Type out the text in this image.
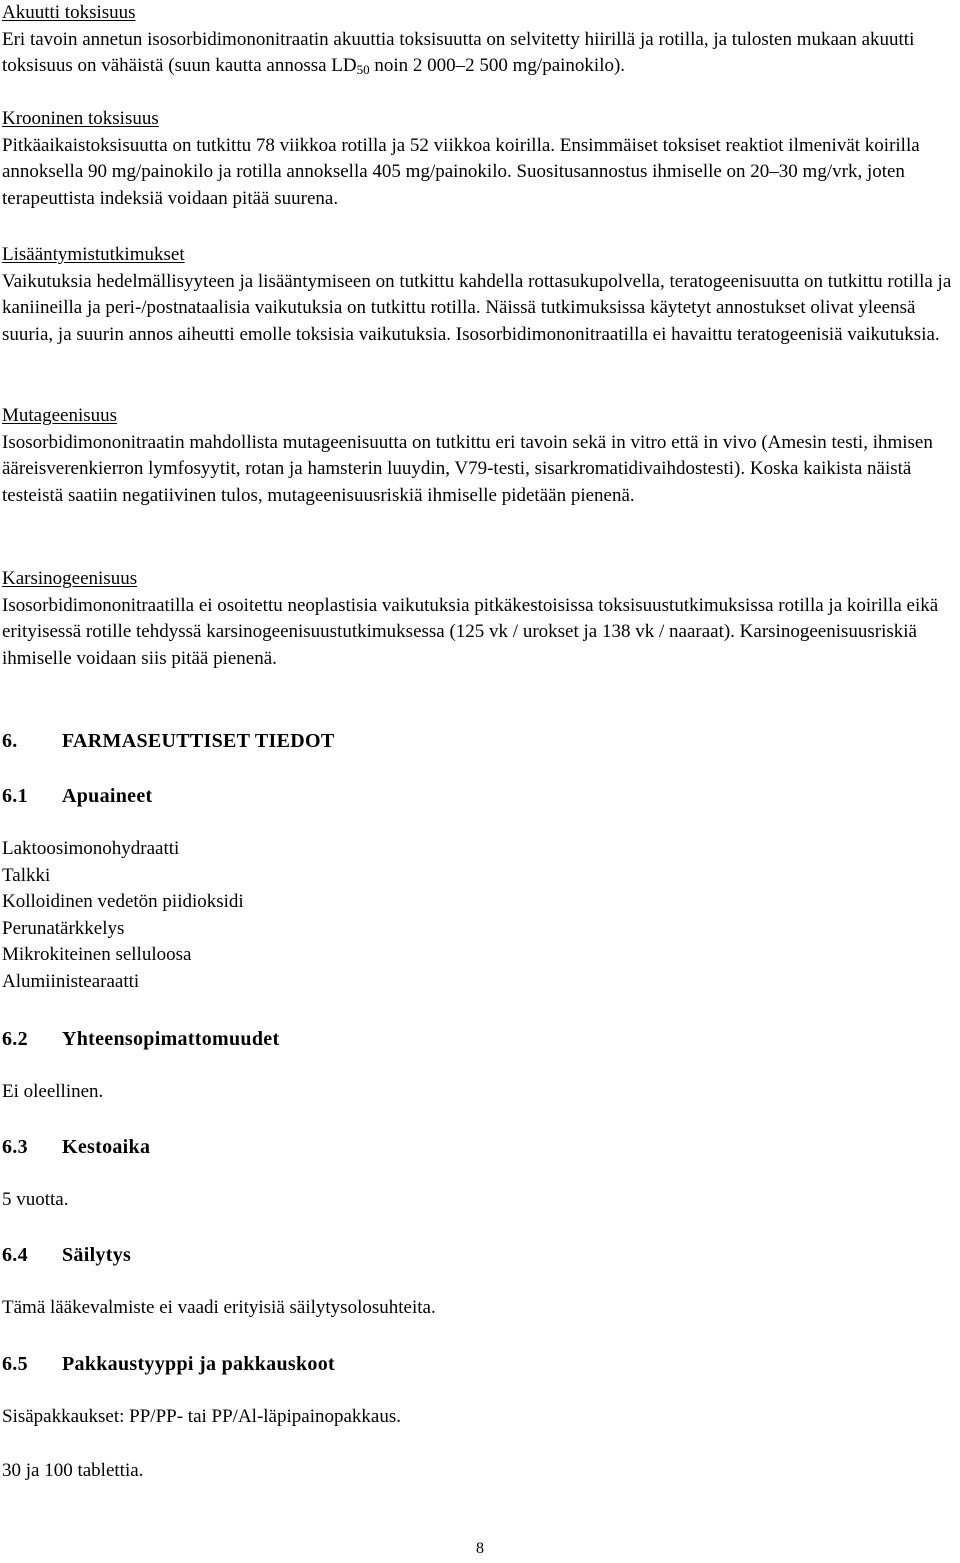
Akuutti toksisuus

Eri tavoin annetun isosorbidimononitraatin akuuttia toksisuutta on selvitetty hiirillä ja rotilla, ja tulosten mukaan akuutti toksisuus on vähäistä (suun kautta annossa $LD_{50}$ noin 2 000–2 500 mg/painokilo).

Krooninen toksisuus

Pitkäaikaistoksisuutta on tutkittu 78 viikkoa rotilla ja 52 viikkoa koirilla. Ensimmäiset toksiset reaktiot ilmenivät koirilla annoksella 90 mg/painokilo ja rotilla annoksella 405 mg/painokilo. Suositusannostus ihmiselle on 20–30 mg/vrk, joten terapeuttista indeksiä voidaan pitää suurena.

Lisääntymistutkimukset

Vaikutuksia hedelmällisyyteen ja lisääntymiseen on tutkittu kahdella rottasukupolvella, teratogeenisuutta on tutkittu rotilla ja kaniineilla ja peri-/postnataalisia vaikutuksia on tutkittu rotilla. Näissä tutkimuksissa käytetyt annostukset olivat yleensä suuria, ja suurin annos aiheutti emolle toksisia vaikutuksia. Isosorbidimononitraatilla ei havaittu teratogeenisiä vaikutuksia.

Mutageenisuus

Isosorbidimononitraatin mahdollista mutageenisuutta on tutkittu eri tavoin sekä in vitro että in vivo (Amesin testi, ihmisen ääreisverenkierron lymfosyytit, rotan ja hamsterin luuydin, V79-testi, sisarkromatidivaihdostesti). Koska kaikista näistä testeistä saatiin negatiivinen tulos, mutageenisuusriskiä ihmiselle pidetään pienenä.

Karsinogeenisuus

Isosorbidimononitraatilla ei osoitettu neoplastisia vaikutuksia pitkäkestoisissa toksisuustutkimuksissa rotilla ja koirilla eikä erityisessä rotille tehdyssä karsinogeenisuustutkimuksessa (125 vk / urokset ja 138 vk / naaraat). Karsinogeenisuusriskiä ihmiselle voidaan siis pitää pienenä.

6. FARMASEUTTISET TIEDOT
6.1 Apuaineet

Laktoosimonohydraatti

Talkki

Kolloidinen vedetön piidioksidi

Perunatärkkelys

Mikrokiteinen selluloosa

Alumiinistearaatti

6.2 Yhteensopimattomuudet

Ei oleellinen.

6.3 Kestoaika

5 vuotta.

6.4 Säilytys

Tämä lääkevalmiste ei vaadi erityisiä säilytysolosuhteita.

6.5 Pakkaustyyppi ja pakkauskoot

Sisäpakkaukset: PP/PP- tai PP/Al-läpipainopakkaus.

30 ja 100 tablettia.

8
